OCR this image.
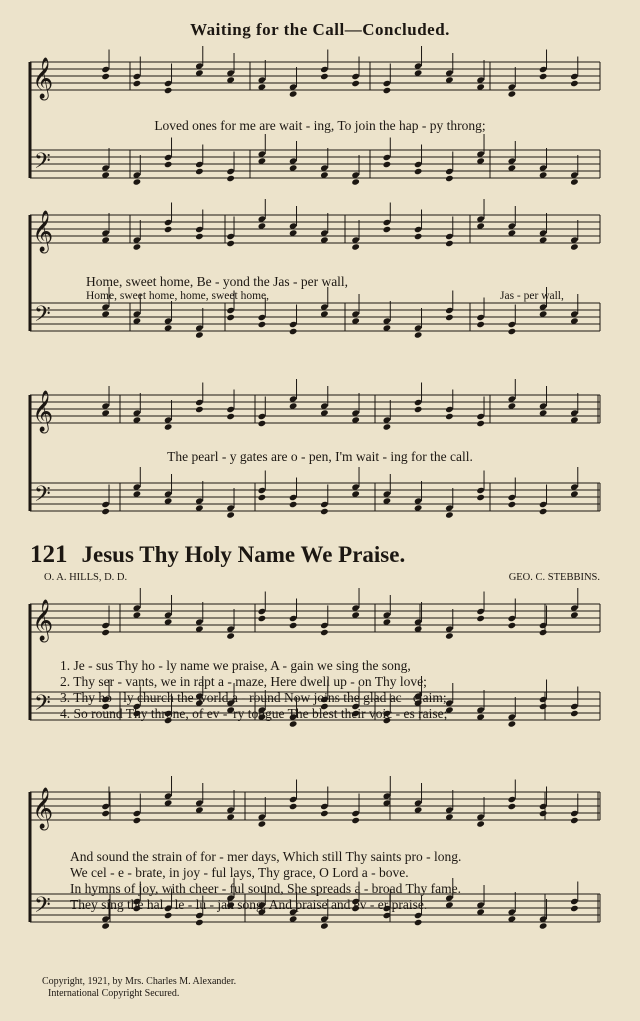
Waiting for the Call—Concluded.
𝄞
𝄢
Loved ones for me are wait - ing, To join the hap - py throng;
𝄞
𝄢
Home, sweet home, Be - yond the Jas - per wall,
Home, sweet home, home, sweet home,	Jas - per wall,
𝄞
𝄢
The pearl - y gates are o - pen, I'm wait - ing for the call.
121 Jesus Thy Holy Name We Praise.
O. A. HILLS, D. D.	GEO. C. STEBBINS.
𝄞
𝄢
1. Je - sus Thy ho - ly name we praise, A - gain we sing the song,
2. Thy ser - vants, we in rapt a - maze, Here dwell up - on Thy love;
3. Thy ho - ly church the world a - round Now joins the glad ac - claim;
4. So round Thy throne, of ev - 'ry tongue The blest their voic - es raise;
𝄞
𝄢
And sound the strain of for - mer days, Which still Thy saints pro - long.
We cel - e - brate, in joy - ful lays, Thy grace, O Lord a - bove.
In hymns of joy, with cheer - ful sound, She spreads a - broad Thy fame.
They sing the hal - le - lu - jah song, And praise and ev - er praise.
Copyright, 1921, by Mrs. Charles M. Alexander.
International Copyright Secured.
